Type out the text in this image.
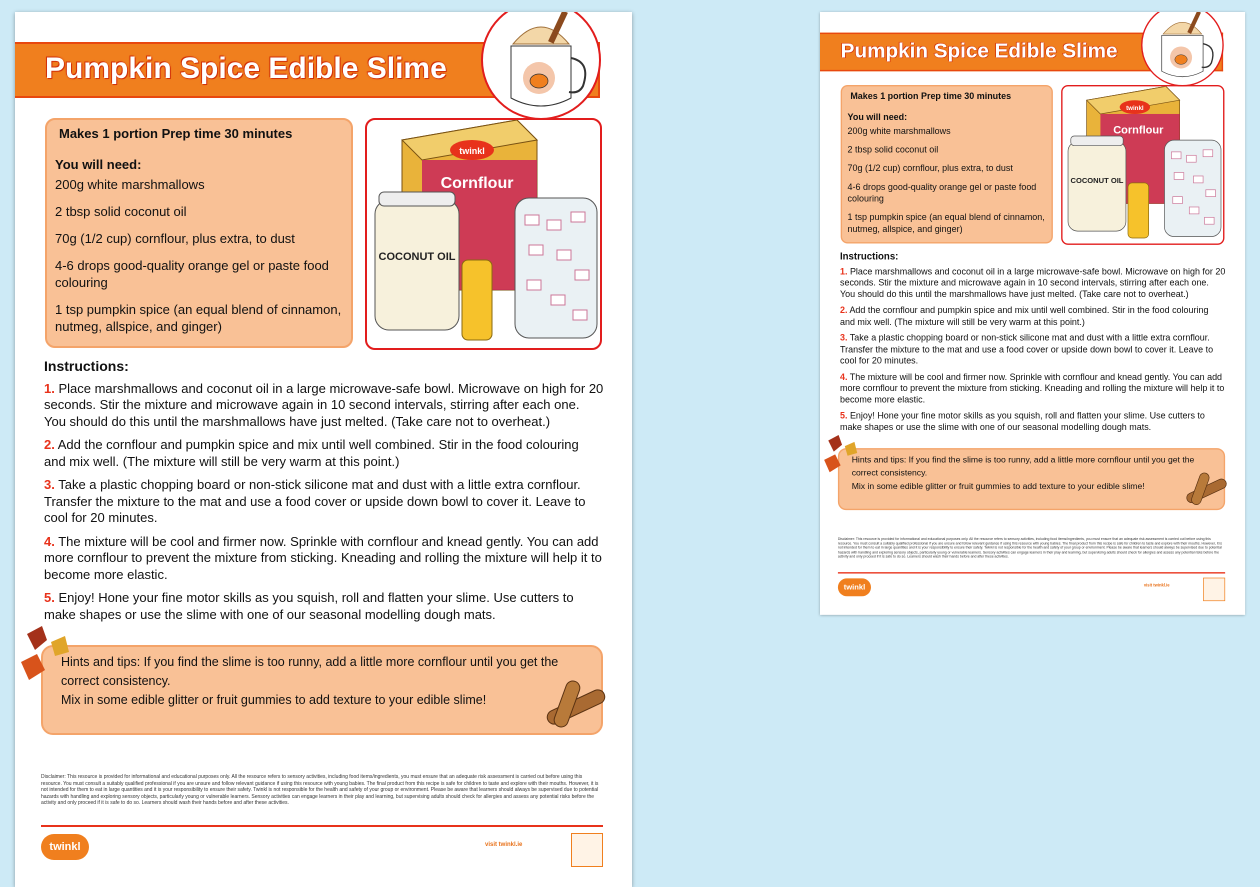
Pumpkin Spice Edible Slime
Makes 1 portion Prep time 30 minutes
You will need:

200g white marshmallows

2 tbsp solid coconut oil

70g (1/2 cup) cornflour, plus extra, to dust

4-6 drops good-quality orange gel or paste food colouring

1 tsp pumpkin spice (an equal blend of cinnamon, nutmeg, allspice, and ginger)

twinkl
Cornflour
COCONUT OIL
Instructions:
1. Place marshmallows and coconut oil in a large microwave-safe bowl. Microwave on high for 20 seconds. Stir the mixture and microwave again in 10 second intervals, stirring after each one. You should do this until the marshmallows have just melted. (Take care not to overheat.)
2. Add the cornflour and pumpkin spice and mix until well combined. Stir in the food colouring and mix well. (The mixture will still be very warm at this point.)
3. Take a plastic chopping board or non-stick silicone mat and dust with a little extra cornflour. Transfer the mixture to the mat and use a food cover or upside down bowl to cover it. Leave to cool for 20 minutes.
4. The mixture will be cool and firmer now. Sprinkle with cornflour and knead gently. You can add more cornflour to prevent the mixture from sticking. Kneading and rolling the mixture will help it to become more elastic.
5. Enjoy! Hone your fine motor skills as you squish, roll and flatten your slime. Use cutters to make shapes or use the slime with one of our seasonal modelling dough mats.
Hints and tips: If you find the slime is too runny, add a little more cornflour until you get the correct consistency.
Mix in some edible glitter or fruit gummies to add texture to your edible slime!
Disclaimer: This resource is provided for informational and educational purposes only. All the resource refers to sensory activities, including food items/ingredients, you must ensure that an adequate risk assessment is carried out before using this resource. You must consult a suitably qualified professional if you are unsure and follow relevant guidance if using this resource with young babies. The final product from this recipe is safe for children to taste and explore with their mouths. However, it is not intended for them to eat in large quantities and it is your responsibility to ensure their safety. Twinkl is not responsible for the health and safety of your group or environment. Please be aware that learners should always be supervised due to potential hazards with handling and exploring sensory objects, particularly young or vulnerable learners. Sensory activities can engage learners in their play and learning, but supervising adults should check for allergies and assess any potential risks before the activity and only proceed if it is safe to do so. Learners should wash their hands before and after these activities.
twinkl	visit twinkl.ie
Pumpkin Spice Edible Slime
Makes 1 portion Prep time 30 minutes
You will need:

200g white marshmallows

2 tbsp solid coconut oil

70g (1/2 cup) cornflour, plus extra, to dust

4-6 drops good-quality orange gel or paste food colouring

1 tsp pumpkin spice (an equal blend of cinnamon, nutmeg, allspice, and ginger)

twinkl
Cornflour
COCONUT OIL
Instructions:
1. Place marshmallows and coconut oil in a large microwave-safe bowl. Microwave on high for 20 seconds. Stir the mixture and microwave again in 10 second intervals, stirring after each one. You should do this until the marshmallows have just melted. (Take care not to overheat.)
2. Add the cornflour and pumpkin spice and mix until well combined. Stir in the food colouring and mix well. (The mixture will still be very warm at this point.)
3. Take a plastic chopping board or non-stick silicone mat and dust with a little extra cornflour. Transfer the mixture to the mat and use a food cover or upside down bowl to cover it. Leave to cool for 20 minutes.
4. The mixture will be cool and firmer now. Sprinkle with cornflour and knead gently. You can add more cornflour to prevent the mixture from sticking. Kneading and rolling the mixture will help it to become more elastic.
5. Enjoy! Hone your fine motor skills as you squish, roll and flatten your slime. Use cutters to make shapes or use the slime with one of our seasonal modelling dough mats.
Hints and tips: If you find the slime is too runny, add a little more cornflour until you get the correct consistency.
Mix in some edible glitter or fruit gummies to add texture to your edible slime!
Disclaimer: This resource is provided for informational and educational purposes only. All the resource refers to sensory activities, including food items/ingredients, you must ensure that an adequate risk assessment is carried out before using this resource. You must consult a suitably qualified professional if you are unsure and follow relevant guidance if using this resource with young babies. The final product from this recipe is safe for children to taste and explore with their mouths. However, it is not intended for them to eat in large quantities and it is your responsibility to ensure their safety. Twinkl is not responsible for the health and safety of your group or environment. Please be aware that learners should always be supervised due to potential hazards with handling and exploring sensory objects, particularly young or vulnerable learners. Sensory activities can engage learners in their play and learning, but supervising adults should check for allergies and assess any potential risks before the activity and only proceed if it is safe to do so. Learners should wash their hands before and after these activities.
twinkl	visit twinkl.ie
